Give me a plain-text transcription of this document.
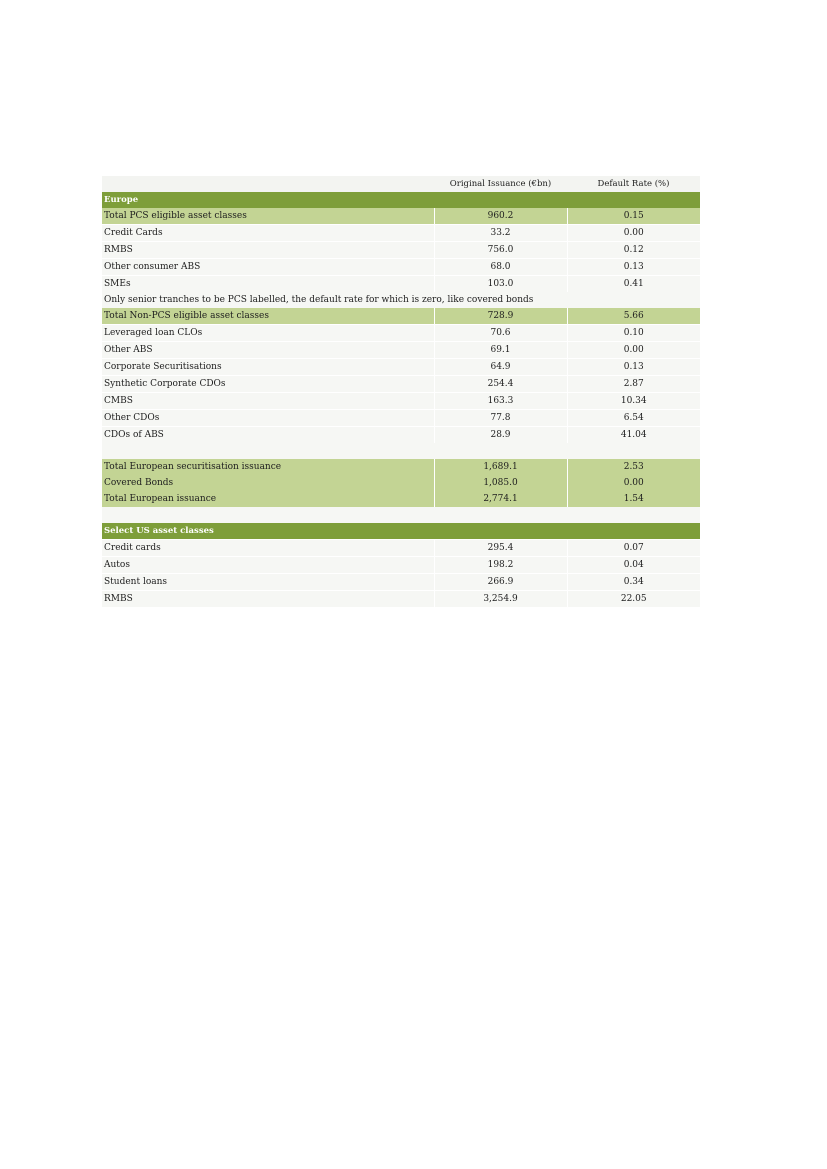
	Original Issuance (€bn)	Default Rate (%)
Europe		
Total PCS eligible asset classes	960.2	0.15
Credit Cards	33.2	0.00
RMBS	756.0	0.12
Other consumer ABS	68.0	0.13
SMEs	103.0	0.41
Only senior tranches to be PCS labelled, the default rate for which is zero, like covered bonds		
Total Non-PCS eligible asset classes	728.9	5.66
Leveraged loan CLOs	70.6	0.10
Other ABS	69.1	0.00
Corporate Securitisations	64.9	0.13
Synthetic Corporate CDOs	254.4	2.87
CMBS	163.3	10.34
Other CDOs	77.8	6.54
CDOs of ABS	28.9	41.04

Total European securitisation issuance	1,689.1	2.53
Covered Bonds	1,085.0	0.00
Total European issuance	2,774.1	1.54

Select US asset classes		
Credit cards	295.4	0.07
Autos	198.2	0.04
Student loans	266.9	0.34
RMBS	3,254.9	22.05
